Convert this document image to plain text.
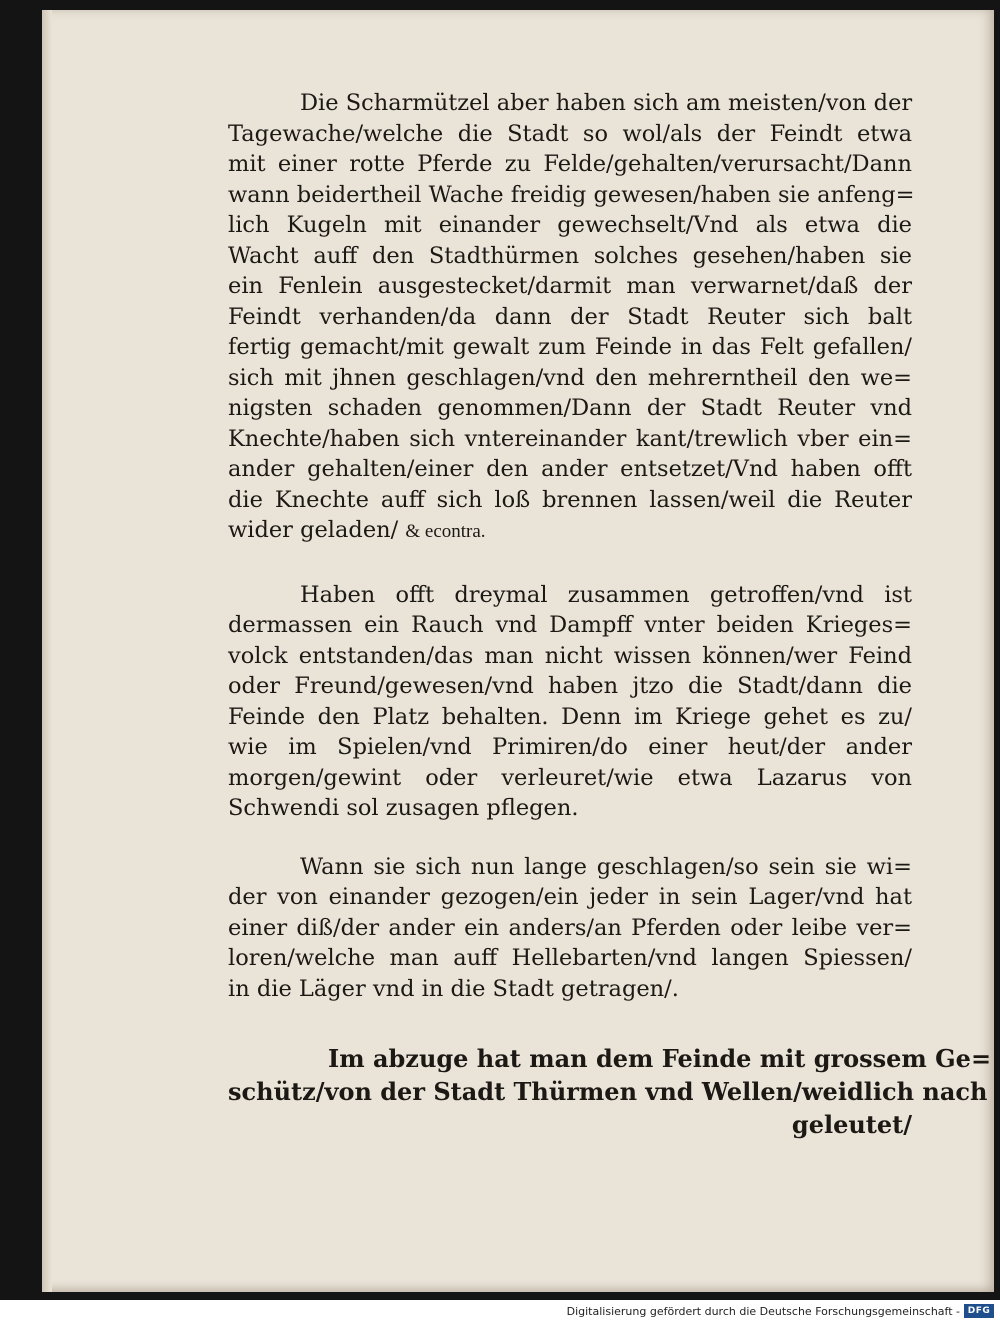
Die Scharmützel aber haben sich am meisten/von der
Tagewache/welche die Stadt so wol/als der Feindt etwa
mit einer rotte Pferde zu Felde/gehalten/verursacht/Dann
wann beidertheil Wache freidig gewesen/haben sie anfeng=
lich Kugeln mit einander gewechselt/Vnd als etwa die
Wacht auff den Stadthürmen solches gesehen/haben sie
ein Fenlein ausgestecket/darmit man verwarnet/daß der
Feindt verhanden/da dann der Stadt Reuter sich balt
fertig gemacht/mit gewalt zum Feinde in das Felt gefallen/
sich mit jhnen geschlagen/vnd den mehrerntheil den we=
nigsten schaden genommen/Dann der Stadt Reuter vnd
Knechte/haben sich vntereinander kant/trewlich vber ein=
ander gehalten/einer den ander entsetzet/Vnd haben offt
die Knechte auff sich loß brennen lassen/weil die Reuter
wider geladen/ & econtra.
Haben offt dreymal zusammen getroffen/vnd ist
dermassen ein Rauch vnd Dampff vnter beiden Krieges=
volck entstanden/das man nicht wissen können/wer Feind
oder Freund/gewesen/vnd haben jtzo die Stadt/dann die
Feinde den Platz behalten. Denn im Kriege gehet es zu/
wie im Spielen/vnd Primiren/do einer heut/der ander
morgen/gewint oder verleuret/wie etwa Lazarus von
Schwendi sol zusagen pflegen.
Wann sie sich nun lange geschlagen/so sein sie wi=
der von einander gezogen/ein jeder in sein Lager/vnd hat
einer diß/der ander ein anders/an Pferden oder leibe ver=
loren/welche man auff Hellebarten/vnd langen Spiessen/
in die Läger vnd in die Stadt getragen/.
Im abzuge hat man dem Feinde mit grossem Ge=
schütz/von der Stadt Thürmen vnd Wellen/weidlich nach
geleutet/
Digitalisierung gefördert durch die Deutsche Forschungsgemeinschaft - DFG
